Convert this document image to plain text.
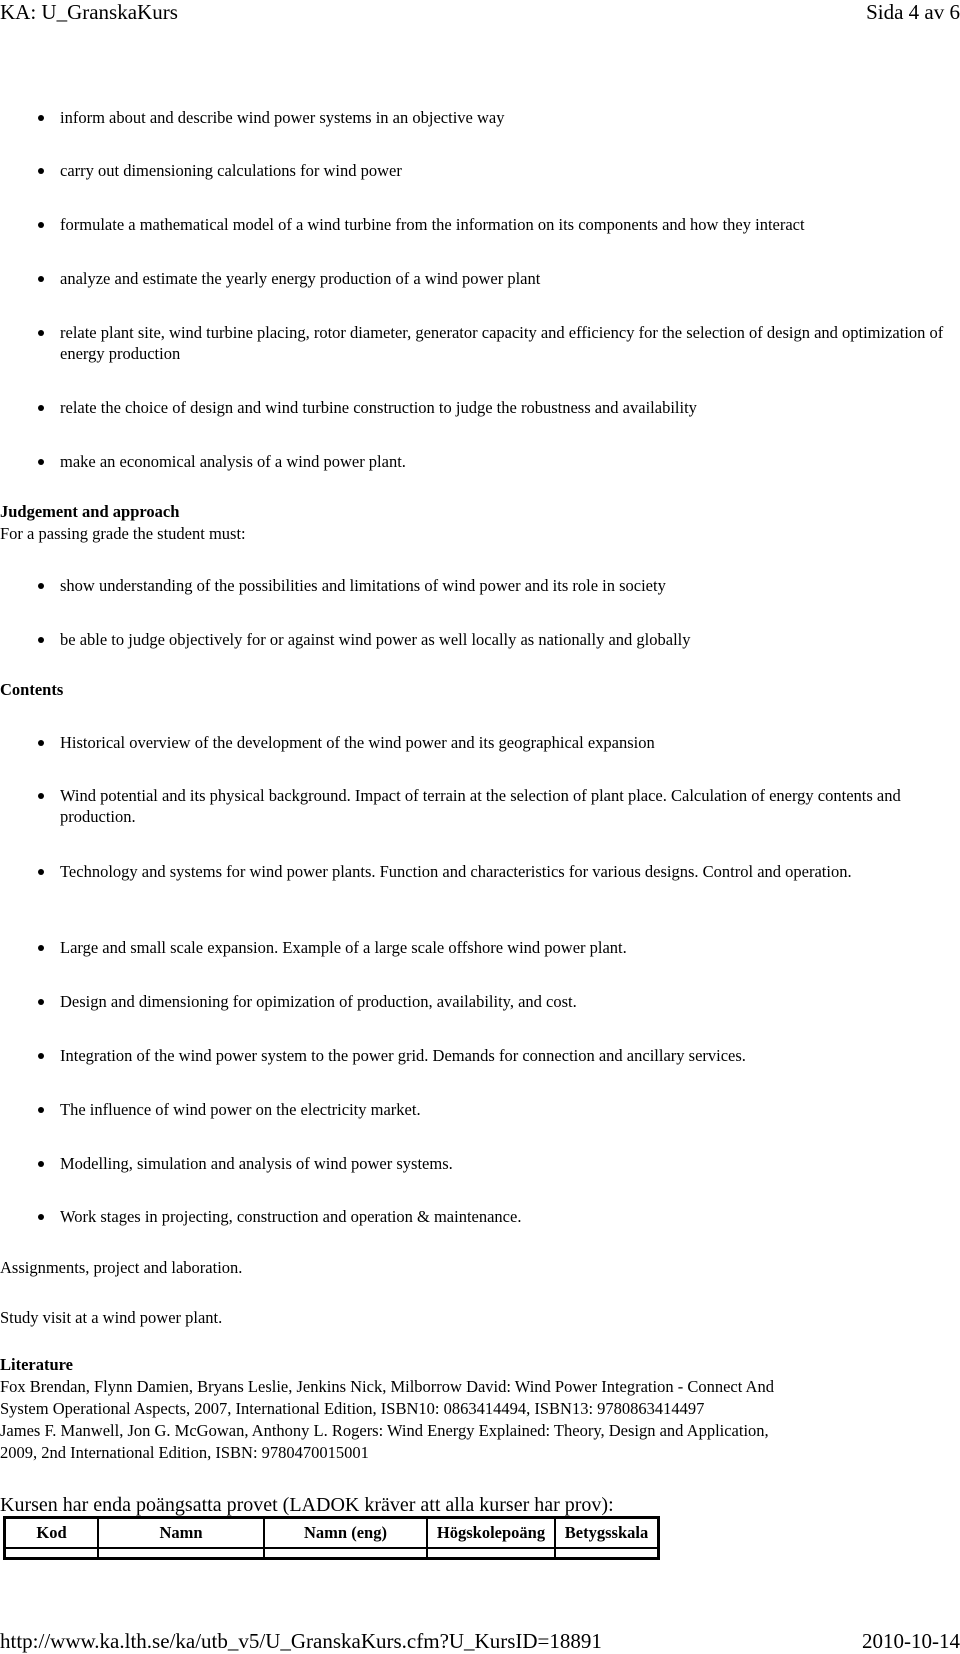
KA: U_GranskaKurs	Sida 4 av 6
inform about and describe wind power systems in an objective way
carry out dimensioning calculations for wind power
formulate a mathematical model of a wind turbine from the information on its components and how they interact
analyze and estimate the yearly energy production of a wind power plant
relate plant site, wind turbine placing, rotor diameter, generator capacity and efficiency for the selection of design and optimization of energy production
relate the choice of design and wind turbine construction to judge the robustness and availability
make an economical analysis of a wind power plant.
Judgement and approach
For a passing grade the student must:
show understanding of the possibilities and limitations of wind power and its role in society
be able to judge objectively for or against wind power as well locally as nationally and globally
Contents
Historical overview of the development of the wind power and its geographical expansion
Wind potential and its physical background. Impact of terrain at the selection of plant place. Calculation of energy contents and production.
Technology and systems for wind power plants. Function and characteristics for various designs. Control and operation.
Large and small scale expansion. Example of a large scale offshore wind power plant.
Design and dimensioning for opimization of production, availability, and cost.
Integration of the wind power system to the power grid. Demands for connection and ancillary services.
The influence of wind power on the electricity market.
Modelling, simulation and analysis of wind power systems.
Work stages in projecting, construction and operation & maintenance.
Assignments, project and laboration.
Study visit at a wind power plant.
Literature
Fox Brendan, Flynn Damien, Bryans Leslie, Jenkins Nick, Milborrow David: Wind Power Integration - Connect And
System Operational Aspects, 2007, International Edition, ISBN10: 0863414494, ISBN13: 9780863414497
James F. Manwell, Jon G. McGowan, Anthony L. Rogers: Wind Energy Explained: Theory, Design and Application,
2009, 2nd International Edition, ISBN: 9780470015001
Kursen har enda poängsatta provet (LADOK kräver att alla kurser har prov):
Kod	Namn	Namn (eng)	Högskolepoäng	Betygsskala

http://www.ka.lth.se/ka/utb_v5/U_GranskaKurs.cfm?U_KursID=18891	2010-10-14
